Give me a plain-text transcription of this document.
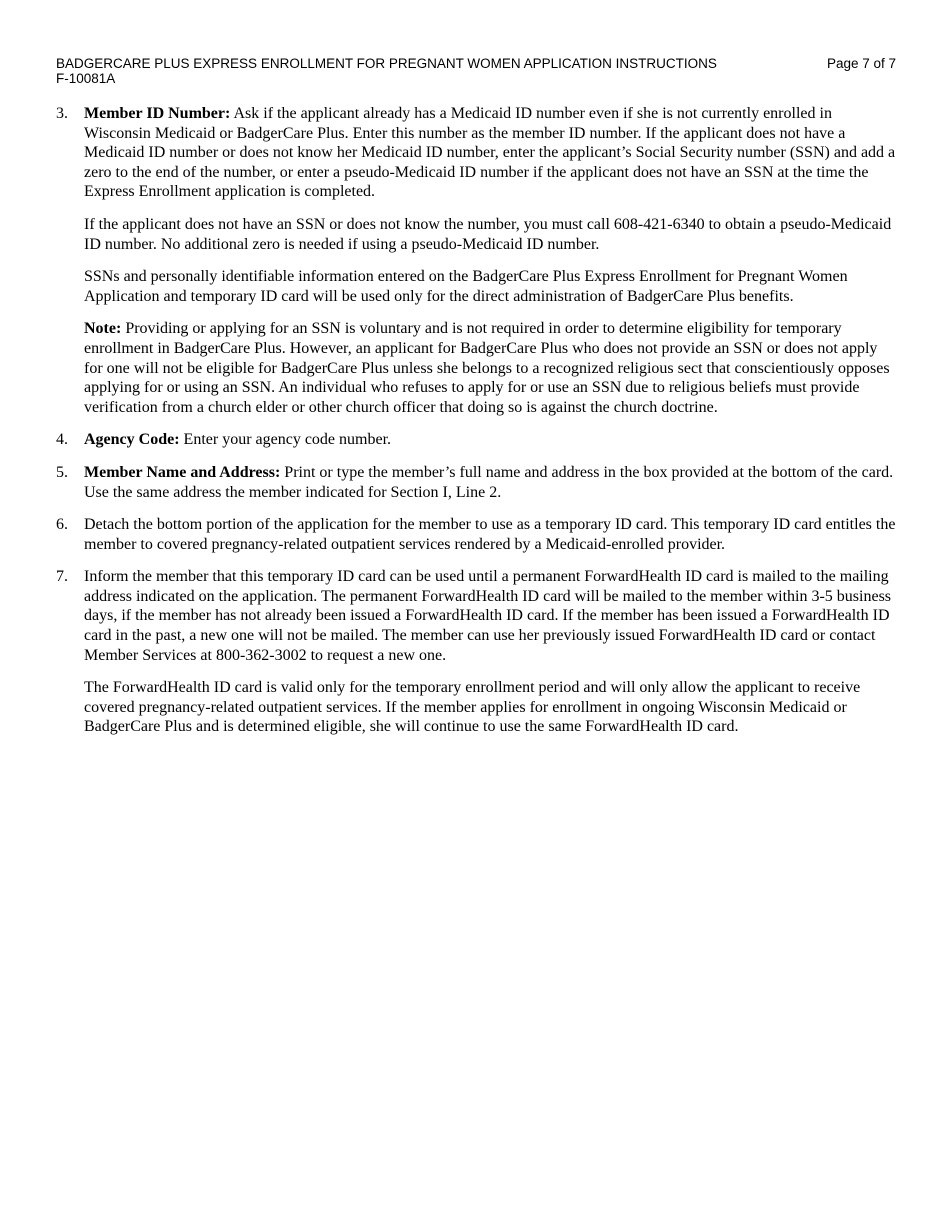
BADGERCARE PLUS EXPRESS ENROLLMENT FOR PREGNANT WOMEN APPLICATION INSTRUCTIONS
F-10081A
Page 7 of 7
3. Member ID Number: Ask if the applicant already has a Medicaid ID number even if she is not currently enrolled in Wisconsin Medicaid or BadgerCare Plus. Enter this number as the member ID number. If the applicant does not have a Medicaid ID number or does not know her Medicaid ID number, enter the applicant’s Social Security number (SSN) and add a zero to the end of the number, or enter a pseudo-Medicaid ID number if the applicant does not have an SSN at the time the Express Enrollment application is completed.

If the applicant does not have an SSN or does not know the number, you must call 608-421-6340 to obtain a pseudo-Medicaid ID number. No additional zero is needed if using a pseudo-Medicaid ID number.

SSNs and personally identifiable information entered on the BadgerCare Plus Express Enrollment for Pregnant Women Application and temporary ID card will be used only for the direct administration of BadgerCare Plus benefits.

Note: Providing or applying for an SSN is voluntary and is not required in order to determine eligibility for temporary enrollment in BadgerCare Plus. However, an applicant for BadgerCare Plus who does not provide an SSN or does not apply for one will not be eligible for BadgerCare Plus unless she belongs to a recognized religious sect that conscientiously opposes applying for or using an SSN. An individual who refuses to apply for or use an SSN due to religious beliefs must provide verification from a church elder or other church officer that doing so is against the church doctrine.

4. Agency Code: Enter your agency code number.

5. Member Name and Address: Print or type the member’s full name and address in the box provided at the bottom of the card. Use the same address the member indicated for Section I, Line 2.

6. Detach the bottom portion of the application for the member to use as a temporary ID card. This temporary ID card entitles the member to covered pregnancy-related outpatient services rendered by a Medicaid-enrolled provider.

7. Inform the member that this temporary ID card can be used until a permanent ForwardHealth ID card is mailed to the mailing address indicated on the application. The permanent ForwardHealth ID card will be mailed to the member within 3-5 business days, if the member has not already been issued a ForwardHealth ID card. If the member has been issued a ForwardHealth ID card in the past, a new one will not be mailed. The member can use her previously issued ForwardHealth ID card or contact Member Services at 800-362-3002 to request a new one.

The ForwardHealth ID card is valid only for the temporary enrollment period and will only allow the applicant to receive covered pregnancy-related outpatient services. If the member applies for enrollment in ongoing Wisconsin Medicaid or BadgerCare Plus and is determined eligible, she will continue to use the same ForwardHealth ID card.
